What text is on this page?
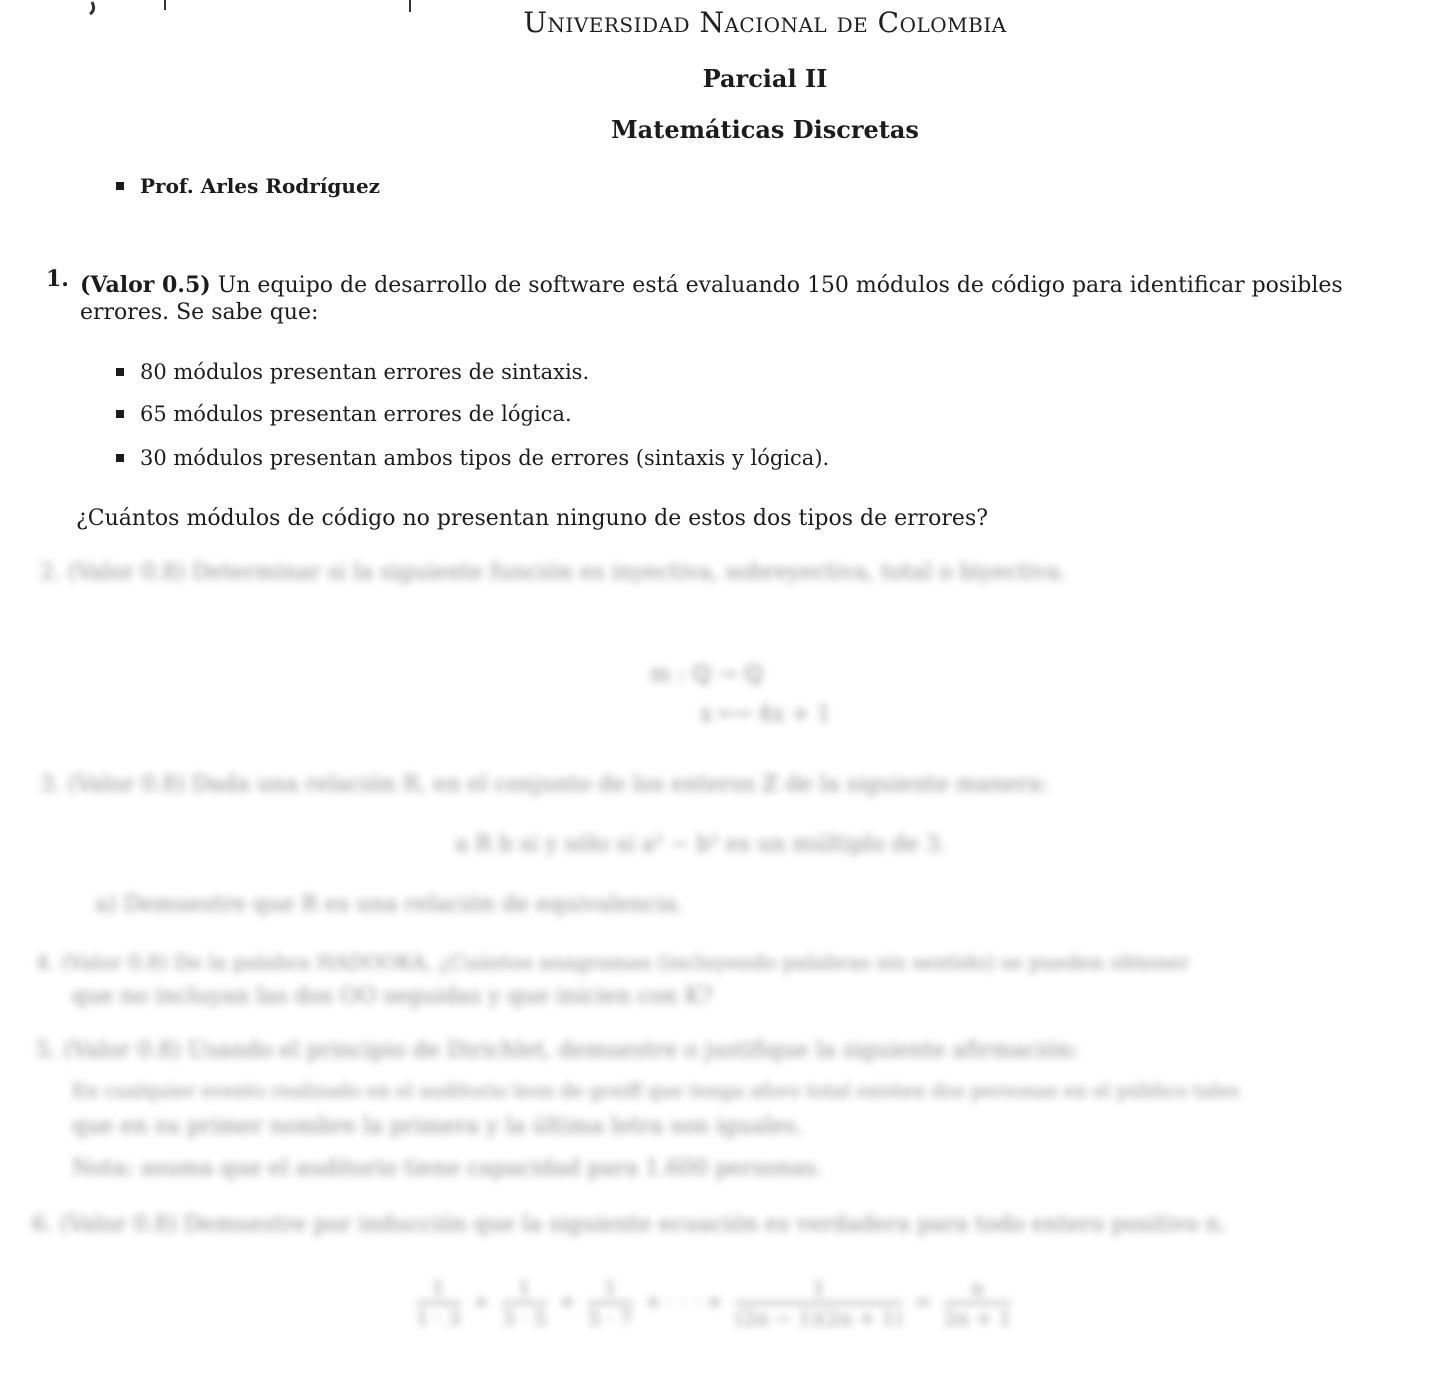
Universidad Nacional de Colombia
Parcial II
Matemáticas Discretas
Prof. Arles Rodríguez
1. (Valor 0.5) Un equipo de desarrollo de software está evaluando 150 módulos de código para identificar posibles
errores. Se sabe que:
80 módulos presentan errores de sintaxis.
65 módulos presentan errores de lógica.
30 módulos presentan ambos tipos de errores (sintaxis y lógica).
¿Cuántos módulos de código no presentan ninguno de estos dos tipos de errores?
2. (Valor 0.8) Determinar si la siguiente función es inyectiva, sobreyectiva, total o biyectiva.
m : ℚ → ℚ
x ⟼ 4x + 1
3. (Valor 0.8) Dada una relación R, en el conjunto de los enteros ℤ de la siguiente manera:
a R b si y sólo si a² − b² es un múltiplo de 3.
a) Demuestre que R es una relación de equivalencia.
4. (Valor 0.8) De la palabra HADOOKA, ¿Cuántos anagramas (incluyendo palabras sin sentido) se pueden obtener
que no incluyan las dos OO seguidas y que inicien con K?
5. (Valor 0.8) Usando el principio de Dirichlet, demuestre o justifique la siguiente afirmación:
En cualquier evento realizado en el auditorio leon de greiff que tenga aforo total existen dos personas en el público tales
que en su primer nombre la primera y la última letra son iguales.
Nota: asuma que el auditorio tiene capacidad para 1.600 personas.
6. (Valor 0.8) Demuestre por inducción que la siguiente ecuación es verdadera para todo entero positivo n.
$\frac{1}{1 \cdot 3} + \frac{1}{3 \cdot 5} + \frac{1}{5 \cdot 7}$ + · · · + $\frac{1}{(2n - 1)(2n + 1)} = \frac{n}{2n + 1}$
